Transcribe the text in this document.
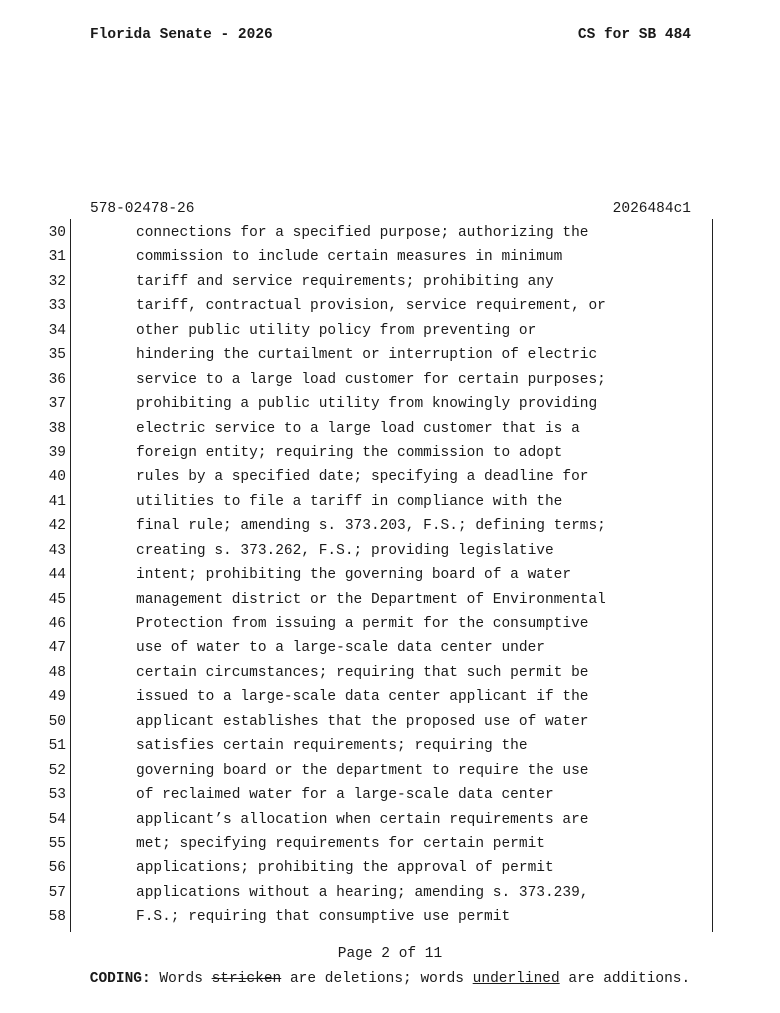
Florida Senate - 2026	CS for SB 484
578-02478-26	2026484c1
30	connections for a specified purpose; authorizing the
31	commission to include certain measures in minimum
32	tariff and service requirements; prohibiting any
33	tariff, contractual provision, service requirement, or
34	other public utility policy from preventing or
35	hindering the curtailment or interruption of electric
36	service to a large load customer for certain purposes;
37	prohibiting a public utility from knowingly providing
38	electric service to a large load customer that is a
39	foreign entity; requiring the commission to adopt
40	rules by a specified date; specifying a deadline for
41	utilities to file a tariff in compliance with the
42	final rule; amending s. 373.203, F.S.; defining terms;
43	creating s. 373.262, F.S.; providing legislative
44	intent; prohibiting the governing board of a water
45	management district or the Department of Environmental
46	Protection from issuing a permit for the consumptive
47	use of water to a large-scale data center under
48	certain circumstances; requiring that such permit be
49	issued to a large-scale data center applicant if the
50	applicant establishes that the proposed use of water
51	satisfies certain requirements; requiring the
52	governing board or the department to require the use
53	of reclaimed water for a large-scale data center
54	applicant’s allocation when certain requirements are
55	met; specifying requirements for certain permit
56	applications; prohibiting the approval of permit
57	applications without a hearing; amending s. 373.239,
58	F.S.; requiring that consumptive use permit
Page 2 of 11
CODING: Words stricken are deletions; words underlined are additions.
